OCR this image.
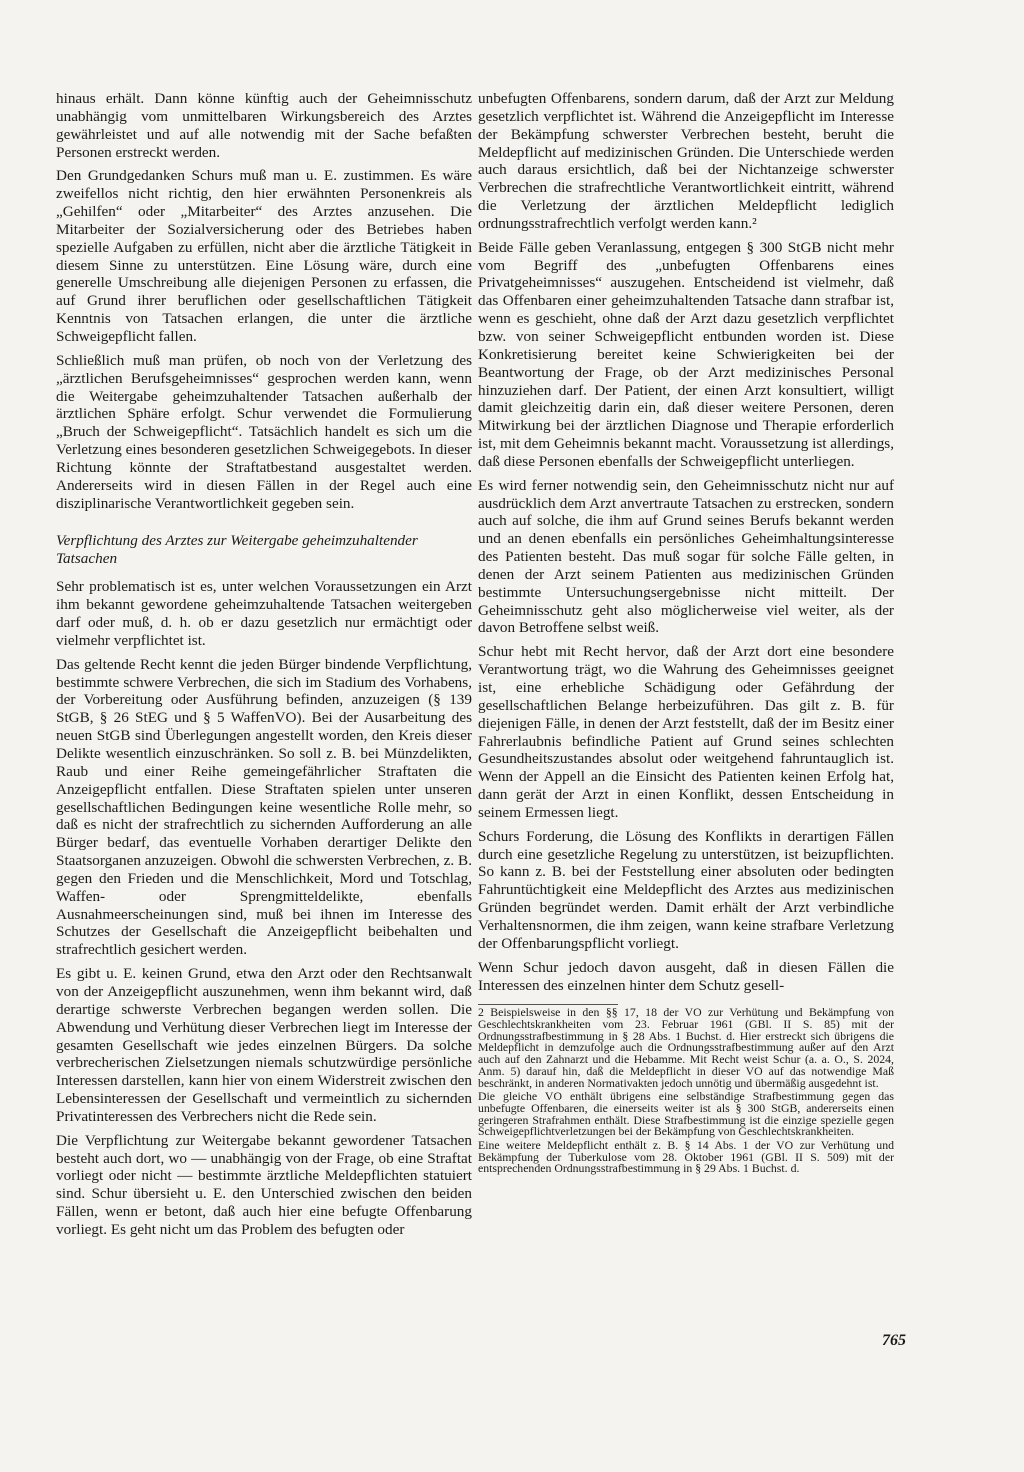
hinaus erhält. Dann könne künftig auch der Geheimnisschutz unabhängig vom unmittelbaren Wirkungsbereich des Arztes gewährleistet und auf alle notwendig mit der Sache befaßten Personen erstreckt werden.

Den Grundgedanken Schurs muß man u. E. zustimmen. Es wäre zweifellos nicht richtig, den hier erwähnten Personenkreis als „Gehilfen“ oder „Mitarbeiter“ des Arztes anzusehen. Die Mitarbeiter der Sozialversicherung oder des Betriebes haben spezielle Aufgaben zu erfüllen, nicht aber die ärztliche Tätigkeit in diesem Sinne zu unterstützen. Eine Lösung wäre, durch eine generelle Umschreibung alle diejenigen Personen zu erfassen, die auf Grund ihrer beruflichen oder gesellschaftlichen Tätigkeit Kenntnis von Tatsachen erlangen, die unter die ärztliche Schweigepflicht fallen.

Schließlich muß man prüfen, ob noch von der Verletzung des „ärztlichen Berufsgeheimnisses“ gesprochen werden kann, wenn die Weitergabe geheimzuhaltender Tatsachen außerhalb der ärztlichen Sphäre erfolgt. Schur verwendet die Formulierung „Bruch der Schweigepflicht“. Tatsächlich handelt es sich um die Verletzung eines besonderen gesetzlichen Schweigegebots. In dieser Richtung könnte der Straftatbestand ausgestaltet werden. Andererseits wird in diesen Fällen in der Regel auch eine disziplinarische Verantwortlichkeit gegeben sein.

Verpflichtung des Arztes zur Weitergabe geheimzuhaltender Tatsachen

Sehr problematisch ist es, unter welchen Voraussetzungen ein Arzt ihm bekannt gewordene geheimzuhaltende Tatsachen weitergeben darf oder muß, d. h. ob er dazu gesetzlich nur ermächtigt oder vielmehr verpflichtet ist.

Das geltende Recht kennt die jeden Bürger bindende Verpflichtung, bestimmte schwere Verbrechen, die sich im Stadium des Vorhabens, der Vorbereitung oder Ausführung befinden, anzuzeigen (§ 139 StGB, § 26 StEG und § 5 WaffenVO). Bei der Ausarbeitung des neuen StGB sind Überlegungen angestellt worden, den Kreis dieser Delikte wesentlich einzuschränken. So soll z. B. bei Münzdelikten, Raub und einer Reihe gemeingefährlicher Straftaten die Anzeigepflicht entfallen. Diese Straftaten spielen unter unseren gesellschaftlichen Bedingungen keine wesentliche Rolle mehr, so daß es nicht der strafrechtlich zu sichernden Aufforderung an alle Bürger bedarf, das eventuelle Vorhaben derartiger Delikte den Staatsorganen anzuzeigen. Obwohl die schwersten Verbrechen, z. B. gegen den Frieden und die Menschlichkeit, Mord und Totschlag, Waffen- oder Sprengmitteldelikte, ebenfalls Ausnahmeerscheinungen sind, muß bei ihnen im Interesse des Schutzes der Gesellschaft die Anzeigepflicht beibehalten und strafrechtlich gesichert werden.

Es gibt u. E. keinen Grund, etwa den Arzt oder den Rechtsanwalt von der Anzeigepflicht auszunehmen, wenn ihm bekannt wird, daß derartige schwerste Verbrechen begangen werden sollen. Die Abwendung und Verhütung dieser Verbrechen liegt im Interesse der gesamten Gesellschaft wie jedes einzelnen Bürgers. Da solche verbrecherischen Zielsetzungen niemals schutzwürdige persönliche Interessen darstellen, kann hier von einem Widerstreit zwischen den Lebensinteressen der Gesellschaft und vermeintlich zu sichernden Privatinteressen des Verbrechers nicht die Rede sein.

Die Verpflichtung zur Weitergabe bekannt gewordener Tatsachen besteht auch dort, wo — unabhängig von der Frage, ob eine Straftat vorliegt oder nicht — bestimmte ärztliche Meldepflichten statuiert sind. Schur übersieht u. E. den Unterschied zwischen den beiden Fällen, wenn er betont, daß auch hier eine befugte Offenbarung vorliegt. Es geht nicht um das Problem des befugten oder

unbefugten Offenbarens, sondern darum, daß der Arzt zur Meldung gesetzlich verpflichtet ist. Während die Anzeigepflicht im Interesse der Bekämpfung schwerster Verbrechen besteht, beruht die Meldepflicht auf medizinischen Gründen. Die Unterschiede werden auch daraus ersichtlich, daß bei der Nichtanzeige schwerster Verbrechen die strafrechtliche Verantwortlichkeit eintritt, während die Verletzung der ärztlichen Meldepflicht lediglich ordnungsstrafrechtlich verfolgt werden kann.²

Beide Fälle geben Veranlassung, entgegen § 300 StGB nicht mehr vom Begriff des „unbefugten Offenbarens eines Privatgeheimnisses“ auszugehen. Entscheidend ist vielmehr, daß das Offenbaren einer geheimzuhaltenden Tatsache dann strafbar ist, wenn es geschieht, ohne daß der Arzt dazu gesetzlich verpflichtet bzw. von seiner Schweigepflicht entbunden worden ist. Diese Konkretisierung bereitet keine Schwierigkeiten bei der Beantwortung der Frage, ob der Arzt medizinisches Personal hinzuziehen darf. Der Patient, der einen Arzt konsultiert, willigt damit gleichzeitig darin ein, daß dieser weitere Personen, deren Mitwirkung bei der ärztlichen Diagnose und Therapie erforderlich ist, mit dem Geheimnis bekannt macht. Voraussetzung ist allerdings, daß diese Personen ebenfalls der Schweigepflicht unterliegen.

Es wird ferner notwendig sein, den Geheimnisschutz nicht nur auf ausdrücklich dem Arzt anvertraute Tatsachen zu erstrecken, sondern auch auf solche, die ihm auf Grund seines Berufs bekannt werden und an denen ebenfalls ein persönliches Geheimhaltungsinteresse des Patienten besteht. Das muß sogar für solche Fälle gelten, in denen der Arzt seinem Patienten aus medizinischen Gründen bestimmte Untersuchungsergebnisse nicht mitteilt. Der Geheimnisschutz geht also möglicherweise viel weiter, als der davon Betroffene selbst weiß.

Schur hebt mit Recht hervor, daß der Arzt dort eine besondere Verantwortung trägt, wo die Wahrung des Geheimnisses geeignet ist, eine erhebliche Schädigung oder Gefährdung der gesellschaftlichen Belange herbeizuführen. Das gilt z. B. für diejenigen Fälle, in denen der Arzt feststellt, daß der im Besitz einer Fahrerlaubnis befindliche Patient auf Grund seines schlechten Gesundheitszustandes absolut oder weitgehend fahruntauglich ist. Wenn der Appell an die Einsicht des Patienten keinen Erfolg hat, dann gerät der Arzt in einen Konflikt, dessen Entscheidung in seinem Ermessen liegt.

Schurs Forderung, die Lösung des Konflikts in derartigen Fällen durch eine gesetzliche Regelung zu unterstützen, ist beizupflichten. So kann z. B. bei der Feststellung einer absoluten oder bedingten Fahruntüchtigkeit eine Meldepflicht des Arztes aus medizinischen Gründen begründet werden. Damit erhält der Arzt verbindliche Verhaltensnormen, die ihm zeigen, wann keine strafbare Verletzung der Offenbarungspflicht vorliegt.

Wenn Schur jedoch davon ausgeht, daß in diesen Fällen die Interessen des einzelnen hinter dem Schutz gesell-

2 Beispielsweise in den §§ 17, 18 der VO zur Verhütung und Bekämpfung von Geschlechtskrankheiten vom 23. Februar 1961 (GBl. II S. 85) mit der Ordnungsstrafbestimmung in § 28 Abs. 1 Buchst. d. Hier erstreckt sich übrigens die Meldepflicht in demzufolge auch die Ordnungsstrafbestimmung außer auf den Arzt auch auf den Zahnarzt und die Hebamme. Mit Recht weist Schur (a. a. O., S. 2024, Anm. 5) darauf hin, daß die Meldepflicht in dieser VO auf das notwendige Maß beschränkt, in anderen Normativakten jedoch unnötig und übermäßig ausgedehnt ist.

Die gleiche VO enthält übrigens eine selbständige Strafbestimmung gegen das unbefugte Offenbaren, die einerseits weiter ist als § 300 StGB, andererseits einen geringeren Strafrahmen enthält. Diese Strafbestimmung ist die einzige spezielle gegen Schweigepflichtverletzungen bei der Bekämpfung von Geschlechtskrankheiten.

Eine weitere Meldepflicht enthält z. B. § 14 Abs. 1 der VO zur Verhütung und Bekämpfung der Tuberkulose vom 28. Oktober 1961 (GBl. II S. 509) mit der entsprechenden Ordnungsstrafbestimmung in § 29 Abs. 1 Buchst. d.

765
